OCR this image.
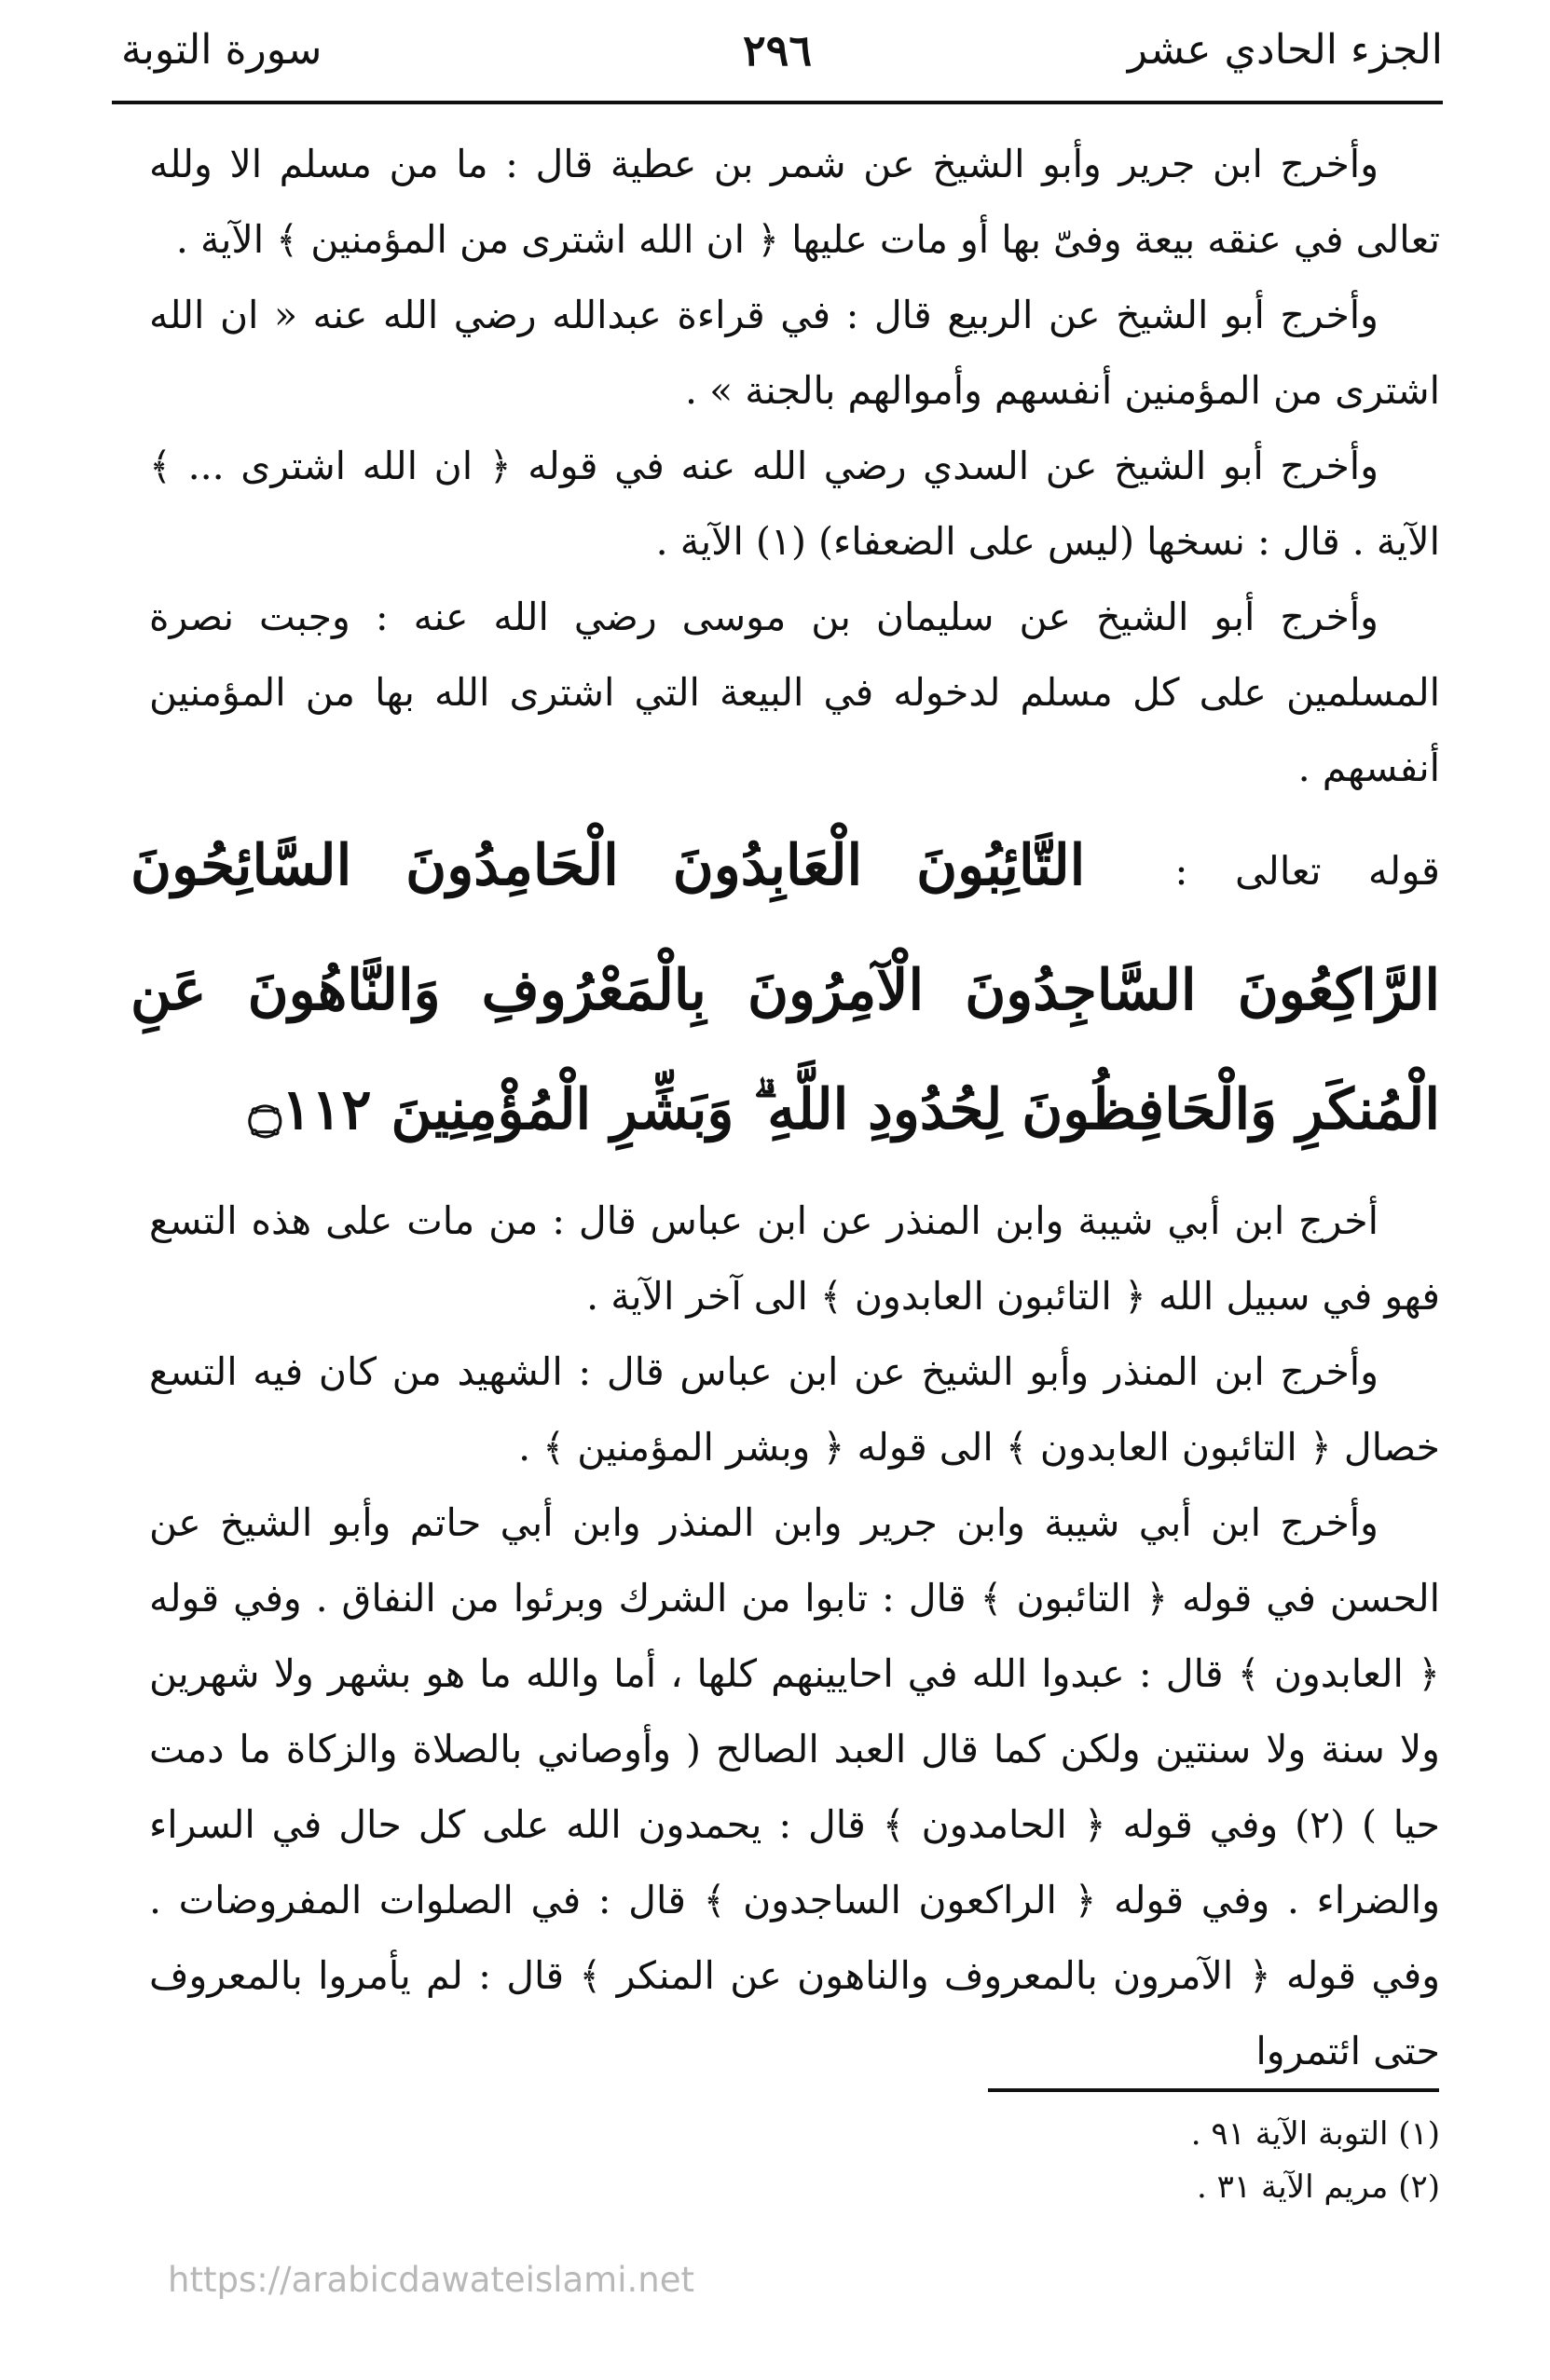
الجزء الحادي عشر
٢٩٦
سورة التوبة

وأخرج ابن جرير وأبو الشيخ عن شمر بن عطية قال : ما من مسلم الا ولله تعالى في عنقه بيعة وفىّ بها أو مات عليها ﴿ ان الله اشترى من المؤمنين ﴾ الآية .

وأخرج أبو الشيخ عن الربيع قال : في قراءة عبدالله رضي الله عنه « ان الله اشترى من المؤمنين أنفسهم وأموالهم بالجنة » .

وأخرج أبو الشيخ عن السدي رضي الله عنه في قوله ﴿ ان الله اشترى ... ﴾ الآية . قال : نسخها (ليس على الضعفاء) (١) الآية .

وأخرج أبو الشيخ عن سليمان بن موسى رضي الله عنه : وجبت نصرة المسلمين على كل مسلم لدخوله في البيعة التي اشترى الله بها من المؤمنين أنفسهم .

قوله تعالى : التَّائِبُونَ الْعَابِدُونَ الْحَامِدُونَ السَّائِحُونَ الرَّاكِعُونَ السَّاجِدُونَ الْآمِرُونَ بِالْمَعْرُوفِ وَالنَّاهُونَ عَنِ الْمُنكَرِ وَالْحَافِظُونَ لِحُدُودِ اللَّهِ ۗ وَبَشِّرِ الْمُؤْمِنِينَ ۝١١٢

أخرج ابن أبي شيبة وابن المنذر عن ابن عباس قال : من مات على هذه التسع فهو في سبيل الله ﴿ التائبون العابدون ﴾ الى آخر الآية .

وأخرج ابن المنذر وأبو الشيخ عن ابن عباس قال : الشهيد من كان فيه التسع خصال ﴿ التائبون العابدون ﴾ الى قوله ﴿ وبشر المؤمنين ﴾ .

وأخرج ابن أبي شيبة وابن جرير وابن المنذر وابن أبي حاتم وأبو الشيخ عن الحسن في قوله ﴿ التائبون ﴾ قال : تابوا من الشرك وبرئوا من النفاق . وفي قوله ﴿ العابدون ﴾ قال : عبدوا الله في احايينهم كلها ، أما والله ما هو بشهر ولا شهرين ولا سنة ولا سنتين ولكن كما قال العبد الصالح ( وأوصاني بالصلاة والزكاة ما دمت حيا ) (٢) وفي قوله ﴿ الحامدون ﴾ قال : يحمدون الله على كل حال في السراء والضراء . وفي قوله ﴿ الراكعون الساجدون ﴾ قال : في الصلوات المفروضات . وفي قوله ﴿ الآمرون بالمعروف والناهون عن المنكر ﴾ قال : لم يأمروا بالمعروف حتى ائتمروا

(١) التوبة الآية ٩١ .
(٢) مريم الآية ٣١ .
https://arabicdawateislami.net
